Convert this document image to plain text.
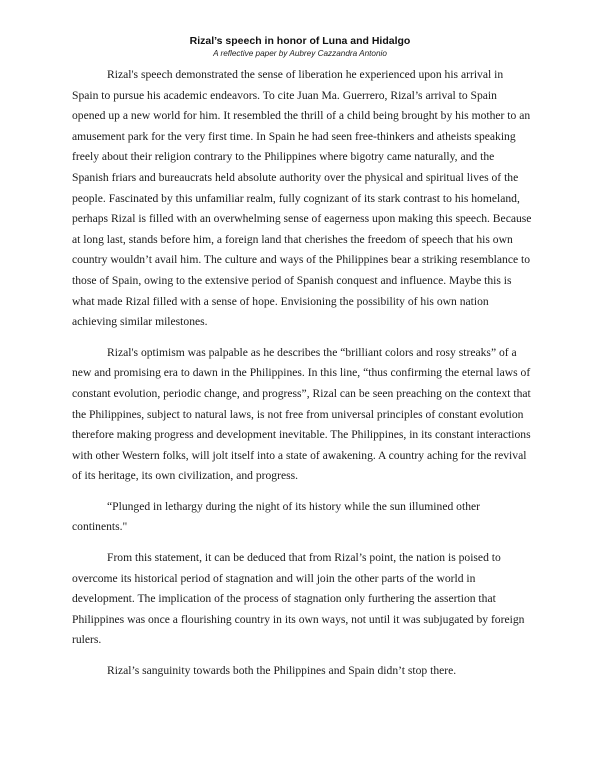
Rizal’s speech in honor of Luna and Hidalgo
A reflective paper by Aubrey Cazzandra Antonio

Rizal's speech demonstrated the sense of liberation he experienced upon his arrival in Spain to pursue his academic endeavors. To cite Juan Ma. Guerrero, Rizal’s arrival to Spain opened up a new world for him. It resembled the thrill of a child being brought by his mother to an amusement park for the very first time. In Spain he had seen free-thinkers and atheists speaking freely about their religion contrary to the Philippines where bigotry came naturally, and the Spanish friars and bureaucrats held absolute authority over the physical and spiritual lives of the people. Fascinated by this unfamiliar realm, fully cognizant of its stark contrast to his homeland, perhaps Rizal is filled with an overwhelming sense of eagerness upon making this speech. Because at long last, stands before him, a foreign land that cherishes the freedom of speech that his own country wouldn’t avail him. The culture and ways of the Philippines bear a striking resemblance to those of Spain, owing to the extensive period of Spanish conquest and influence. Maybe this is what made Rizal filled with a sense of hope. Envisioning the possibility of his own nation achieving similar milestones.

Rizal's optimism was palpable as he describes the “brilliant colors and rosy streaks” of a new and promising era to dawn in the Philippines. In this line, “thus confirming the eternal laws of constant evolution, periodic change, and progress”, Rizal can be seen preaching on the context that the Philippines, subject to natural laws, is not free from universal principles of constant evolution therefore making progress and development inevitable. The Philippines, in its constant interactions with other Western folks, will jolt itself into a state of awakening. A country aching for the revival of its heritage, its own civilization, and progress.

“Plunged in lethargy during the night of its history while the sun illumined other continents."

From this statement, it can be deduced that from Rizal’s point, the nation is poised to overcome its historical period of stagnation and will join the other parts of the world in development. The implication of the process of stagnation only furthering the assertion that Philippines was once a flourishing country in its own ways, not until it was subjugated by foreign rulers.

Rizal’s sanguinity towards both the Philippines and Spain didn’t stop there.
